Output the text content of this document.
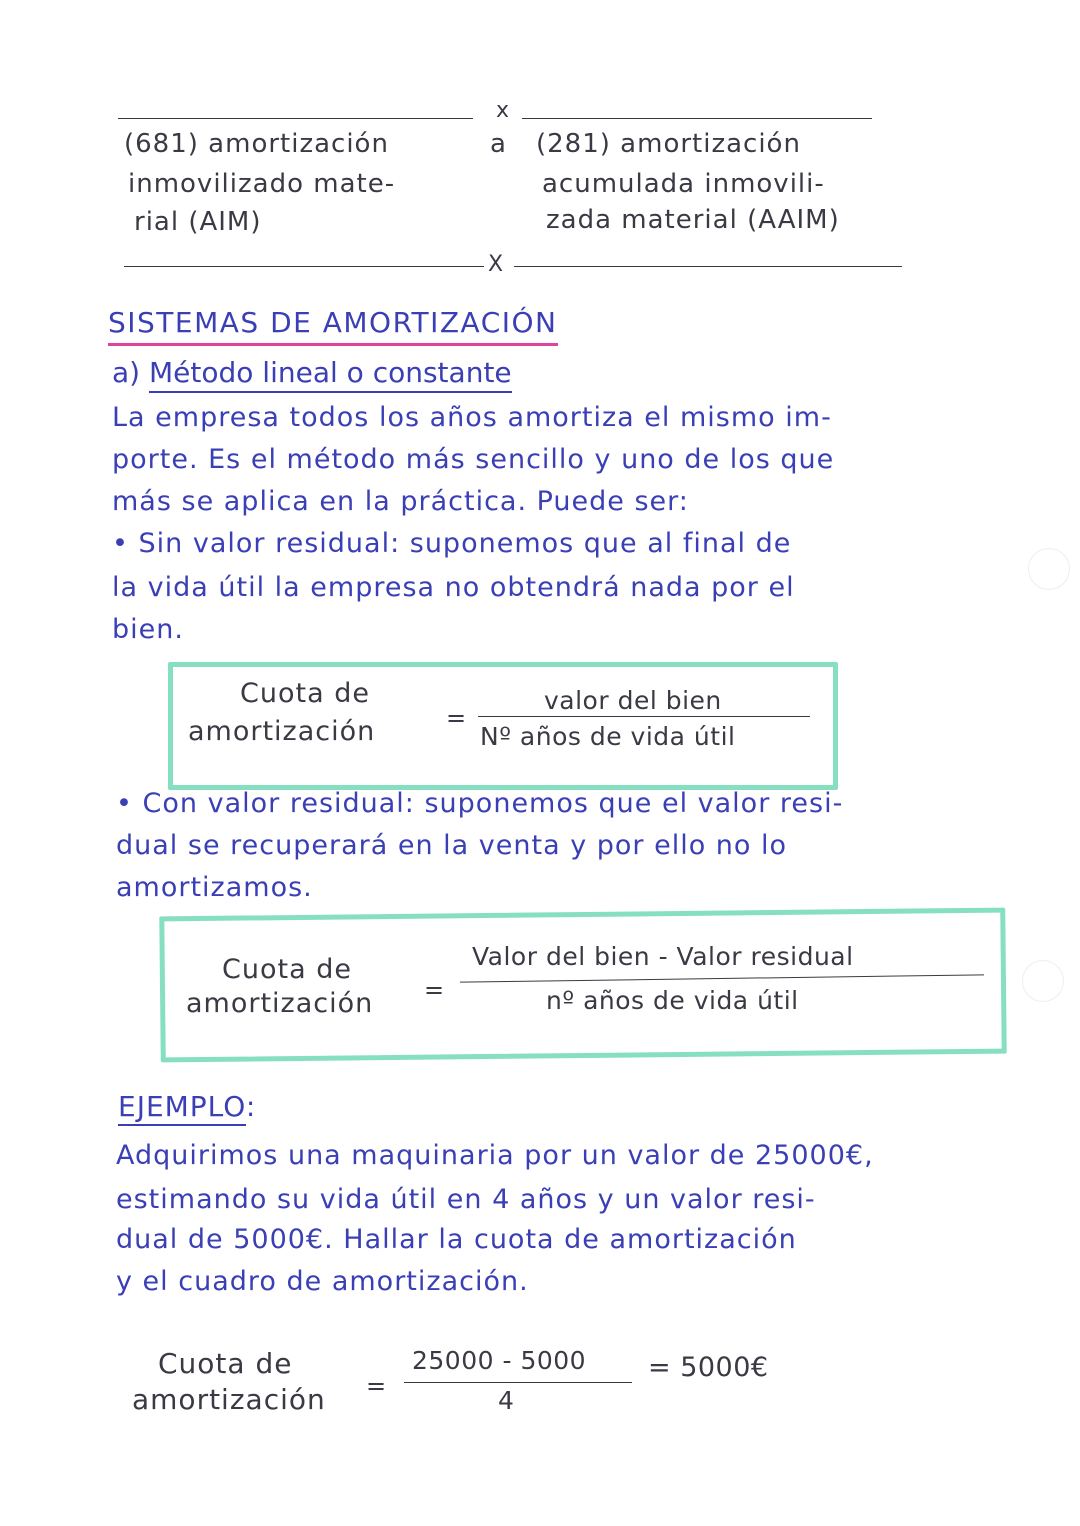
x
(681) amortización
inmovilizado mate-
rial (AIM)
a (281) amortización
acumulada inmovili-
zada material (AAIM)
X
SISTEMAS DE AMORTIZACIÓN
a) Método lineal o constante
La empresa todos los años amortiza el mismo im-
porte. Es el método más sencillo y uno de los que
más se aplica en la práctica. Puede ser:
• Sin valor residual: suponemos que al final de
la vida útil la empresa no obtendrá nada por el
bien.
Cuota de
amortización	=
valor del bien
Nº años de vida útil
• Con valor residual: suponemos que el valor resi-
dual se recuperará en la venta y por ello no lo
amortizamos.
Cuota de
amortización =
Valor del bien - Valor residual
nº años de vida útil
EJEMPLO:
Adquirimos una maquinaria por un valor de 25000€,
estimando su vida útil en 4 años y un valor resi-
dual de 5000€. Hallar la cuota de amortización
y el cuadro de amortización.
Cuota de
amortización =
25000 - 5000
4
= 5000€
